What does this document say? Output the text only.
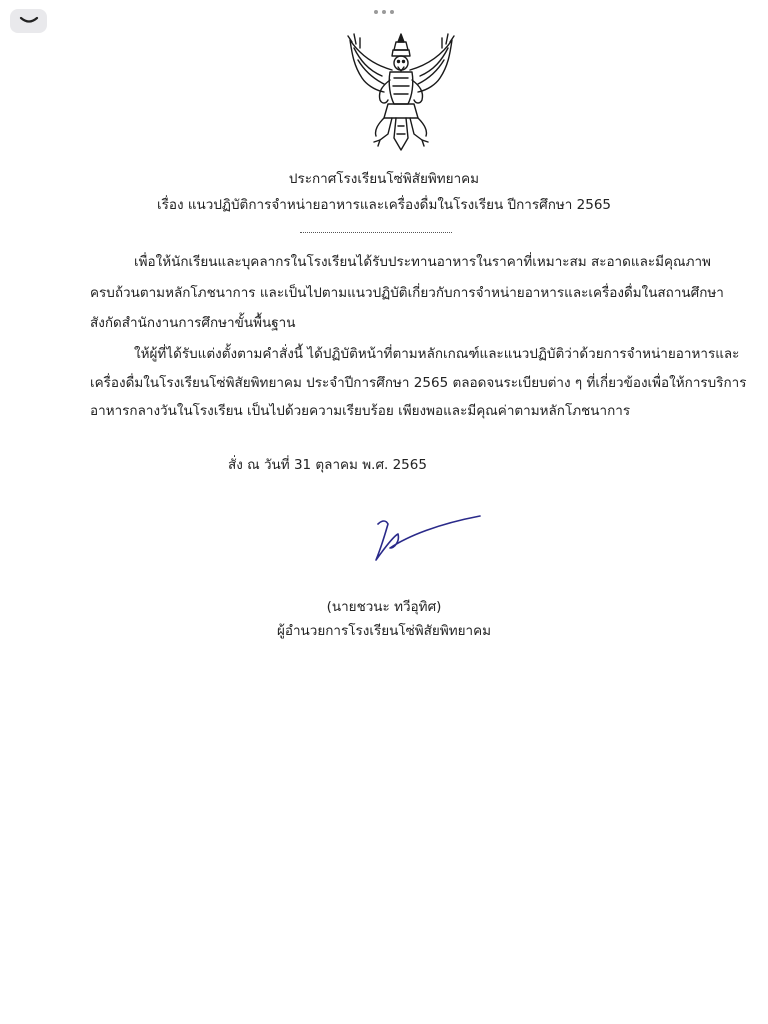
ประกาศโรงเรียนโซ่พิสัยพิทยาคม
เรื่อง แนวปฏิบัติการจำหน่ายอาหารและเครื่องดื่มในโรงเรียน ปีการศึกษา 2565
เพื่อให้นักเรียนและบุคลากรในโรงเรียนได้รับประทานอาหารในราคาที่เหมาะสม สะอาดและมีคุณภาพ
ครบถ้วนตามหลักโภชนาการ และเป็นไปตามแนวปฏิบัติเกี่ยวกับการจำหน่ายอาหารและเครื่องดื่มในสถานศึกษา
สังกัดสำนักงานการศึกษาขั้นพื้นฐาน
ให้ผู้ที่ได้รับแต่งตั้งตามคำสั่งนี้ ได้ปฏิบัติหน้าที่ตามหลักเกณฑ์และแนวปฏิบัติว่าด้วยการจำหน่ายอาหารและ
เครื่องดื่มในโรงเรียนโซ่พิสัยพิทยาคม ประจำปีการศึกษา 2565 ตลอดจนระเบียบต่าง ๆ ที่เกี่ยวข้องเพื่อให้การบริการ
อาหารกลางวันในโรงเรียน เป็นไปด้วยความเรียบร้อย เพียงพอและมีคุณค่าตามหลักโภชนาการ
สั่ง ณ วันที่ 31 ตุลาคม พ.ศ. 2565
(นายชวนะ ทวีอุทิศ)
ผู้อำนวยการโรงเรียนโซ่พิสัยพิทยาคม
